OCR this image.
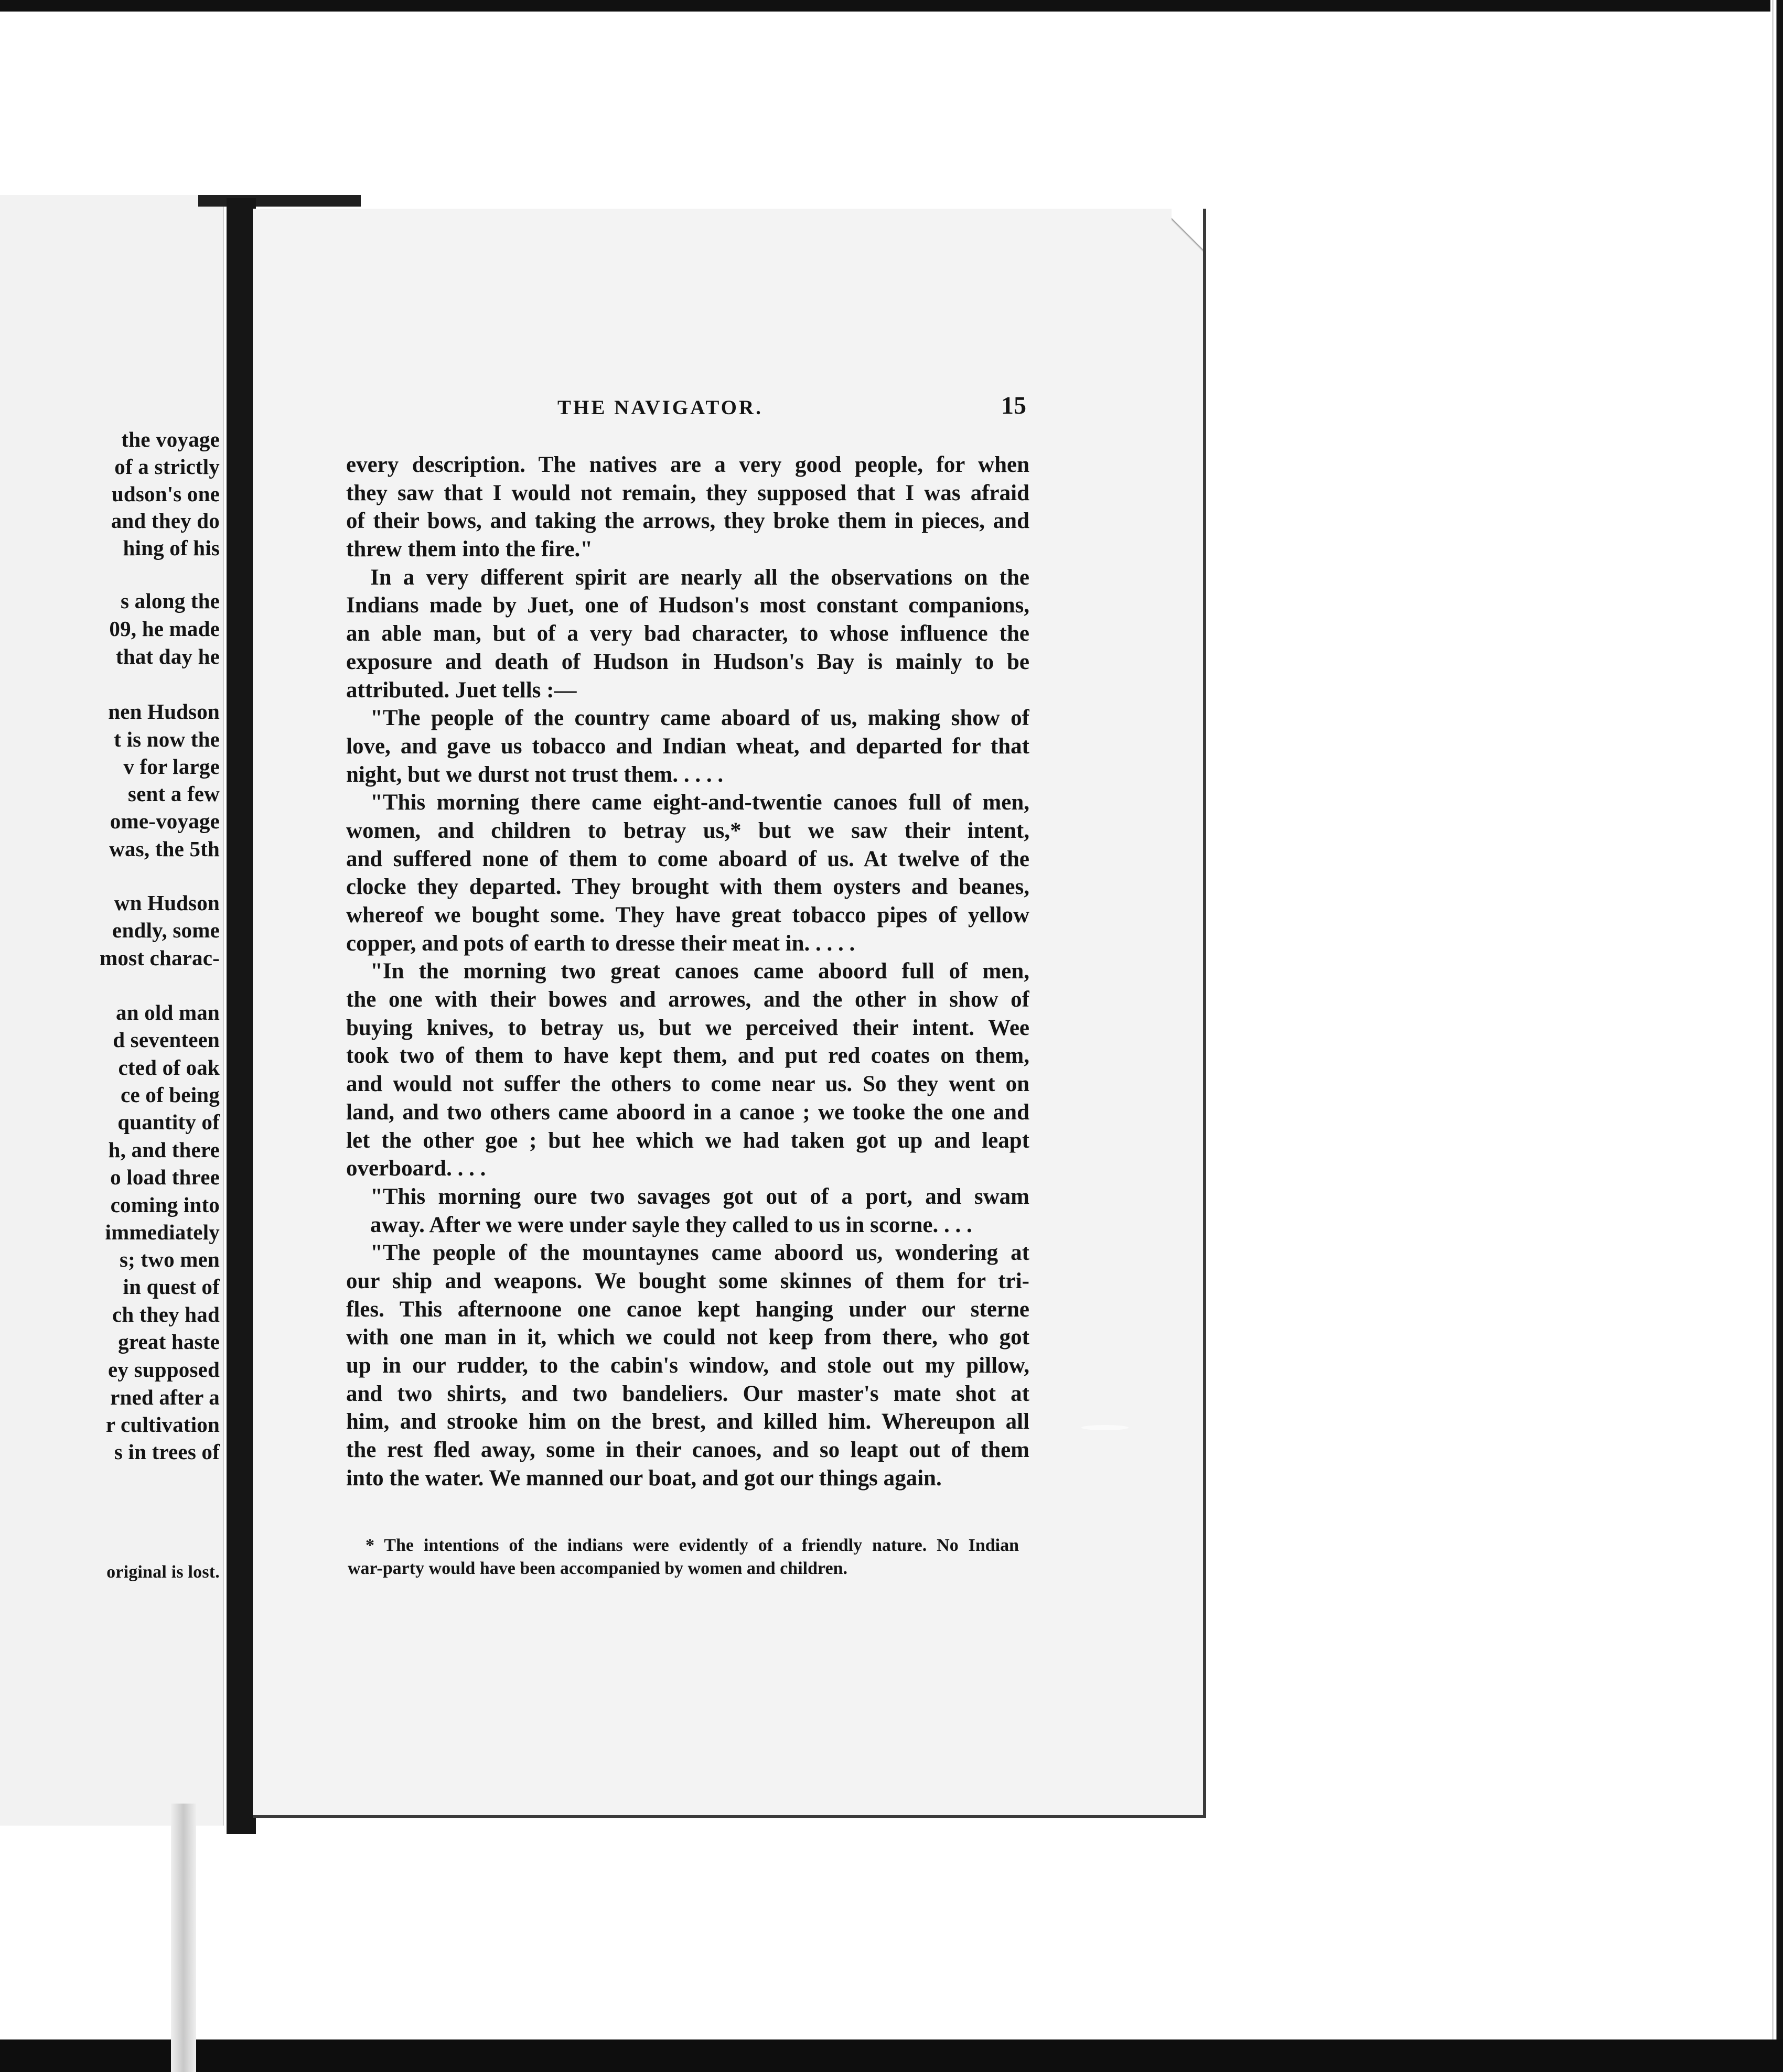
the voyage
of a strictly
udson's one
and they do
hing of his
s along the
09, he made
that day he
nen Hudson
t is now the
v for large
sent a few
ome-voyage
was, the 5th
wn Hudson
endly, some
most charac-
an old man
d seventeen
cted of oak
ce of being
quantity of
h, and there
o load three
coming into
immediately
s; two men
in quest of
ch they had
great haste
ey supposed
rned after a
r cultivation
s in trees of
original is lost.
THE NAVIGATOR.	15
every description. The natives are a very good people, for when
they saw that I would not remain, they supposed that I was afraid
of their bows, and taking the arrows, they broke them in pieces, and
threw them into the fire."
In a very different spirit are nearly all the observations on the
Indians made by Juet, one of Hudson's most constant companions,
an able man, but of a very bad character, to whose influence the
exposure and death of Hudson in Hudson's Bay is mainly to be
attributed. Juet tells :—
"The people of the country came aboard of us, making show of
love, and gave us tobacco and Indian wheat, and departed for that
night, but we durst not trust them. . . . .
"This morning there came eight-and-twentie canoes full of men,
women, and children to betray us,* but we saw their intent,
and suffered none of them to come aboard of us. At twelve of the
clocke they departed. They brought with them oysters and beanes,
whereof we bought some. They have great tobacco pipes of yellow
copper, and pots of earth to dresse their meat in. . . . .
"In the morning two great canoes came aboord full of men,
the one with their bowes and arrowes, and the other in show of
buying knives, to betray us, but we perceived their intent. Wee
took two of them to have kept them, and put red coates on them,
and would not suffer the others to come near us. So they went on
land, and two others came aboord in a canoe ; we tooke the one and
let the other goe ; but hee which we had taken got up and leapt
overboard. . . .
"This morning oure two savages got out of a port, and swam
away. After we were under sayle they called to us in scorne. . . .
"The people of the mountaynes came aboord us, wondering at
our ship and weapons. We bought some skinnes of them for tri-
fles. This afternoone one canoe kept hanging under our sterne
with one man in it, which we could not keep from there, who got
up in our rudder, to the cabin's window, and stole out my pillow,
and two shirts, and two bandeliers. Our master's mate shot at
him, and strooke him on the brest, and killed him. Whereupon all
the rest fled away, some in their canoes, and so leapt out of them
into the water. We manned our boat, and got our things again.
* The intentions of the indians were evidently of a friendly nature. No Indian
war-party would have been accompanied by women and children.
